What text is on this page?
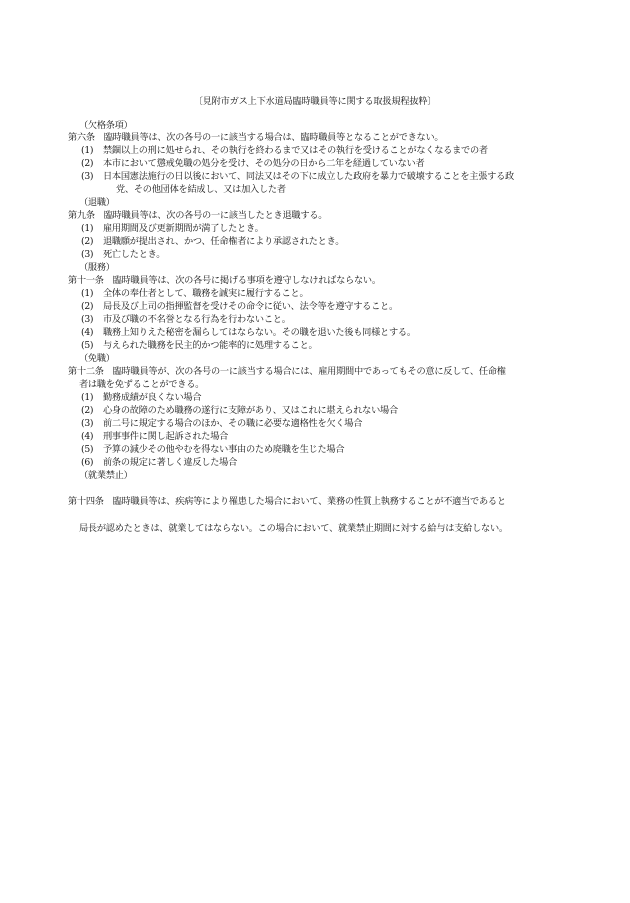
〔見附市ガス上下水道局臨時職員等に関する取扱規程抜粋〕
（欠格条項）
第六条　臨時職員等は、次の各号の一に該当する場合は、臨時職員等となることができない。
(1) 禁錮以上の刑に処せられ、その執行を終わるまで又はその執行を受けることがなくなるまでの者
(2) 本市において懲戒免職の処分を受け、その処分の日から二年を経過していない者
(3) 日本国憲法施行の日以後において、同法又はその下に成立した政府を暴力で破壊することを主張する政
党、その他団体を結成し、又は加入した者
（退職）
第九条　臨時職員等は、次の各号の一に該当したとき退職する。
(1) 雇用期間及び更新期間が満了したとき。
(2) 退職願が提出され、かつ、任命権者により承認されたとき。
(3) 死亡したとき。
（服務）
第十一条　臨時職員等は、次の各号に掲げる事項を遵守しなければならない。
(1) 全体の奉仕者として、職務を誠実に履行すること。
(2) 局長及び上司の指揮監督を受けその命令に従い、法令等を遵守すること。
(3) 市及び職の不名誉となる行為を行わないこと。
(4) 職務上知りえた秘密を漏らしてはならない。その職を退いた後も同様とする。
(5) 与えられた職務を民主的かつ能率的に処理すること。
（免職）
第十二条　臨時職員等が、次の各号の一に該当する場合には、雇用期間中であってもその意に反して、任命権
者は職を免ずることができる。
(1) 勤務成績が良くない場合
(2) 心身の故障のため職務の遂行に支障があり、又はこれに堪えられない場合
(3) 前二号に規定する場合のほか、その職に必要な適格性を欠く場合
(4) 刑事事件に関し起訴された場合
(5) 予算の減少その他やむを得ない事由のため廃職を生じた場合
(6) 前条の規定に著しく違反した場合
（就業禁止）
第十四条　臨時職員等は、疾病等により罹患した場合において、業務の性質上執務することが不適当であると
局長が認めたときは、就業してはならない。この場合において、就業禁止期間に対する給与は支給しない。
